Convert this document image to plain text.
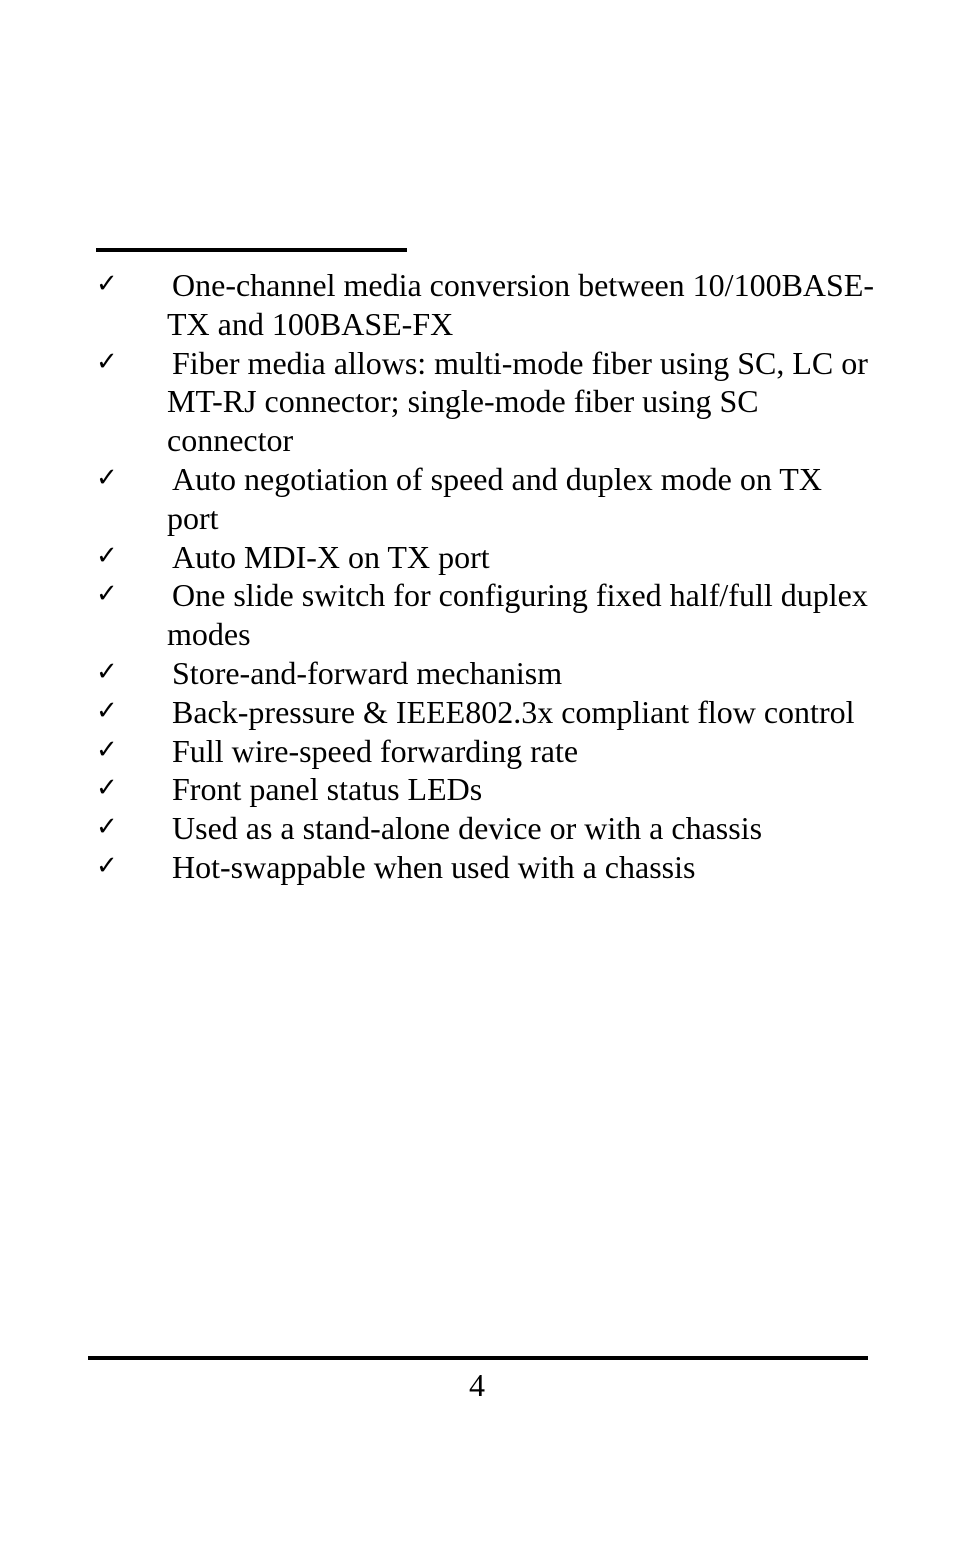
✓ One-channel media conversion between 10/100BASE-TX and 100BASE-FX
✓ Fiber media allows: multi-mode fiber using SC, LC or MT-RJ connector; single-mode fiber using SC connector
✓ Auto negotiation of speed and duplex mode on TX port
✓ Auto MDI-X on TX port
✓ One slide switch for configuring fixed half/full duplex modes
✓ Store-and-forward mechanism
✓ Back-pressure & IEEE802.3x compliant flow control
✓ Full wire-speed forwarding rate
✓ Front panel status LEDs
✓ Used as a stand-alone device or with a chassis
✓ Hot-swappable when used with a chassis
4
